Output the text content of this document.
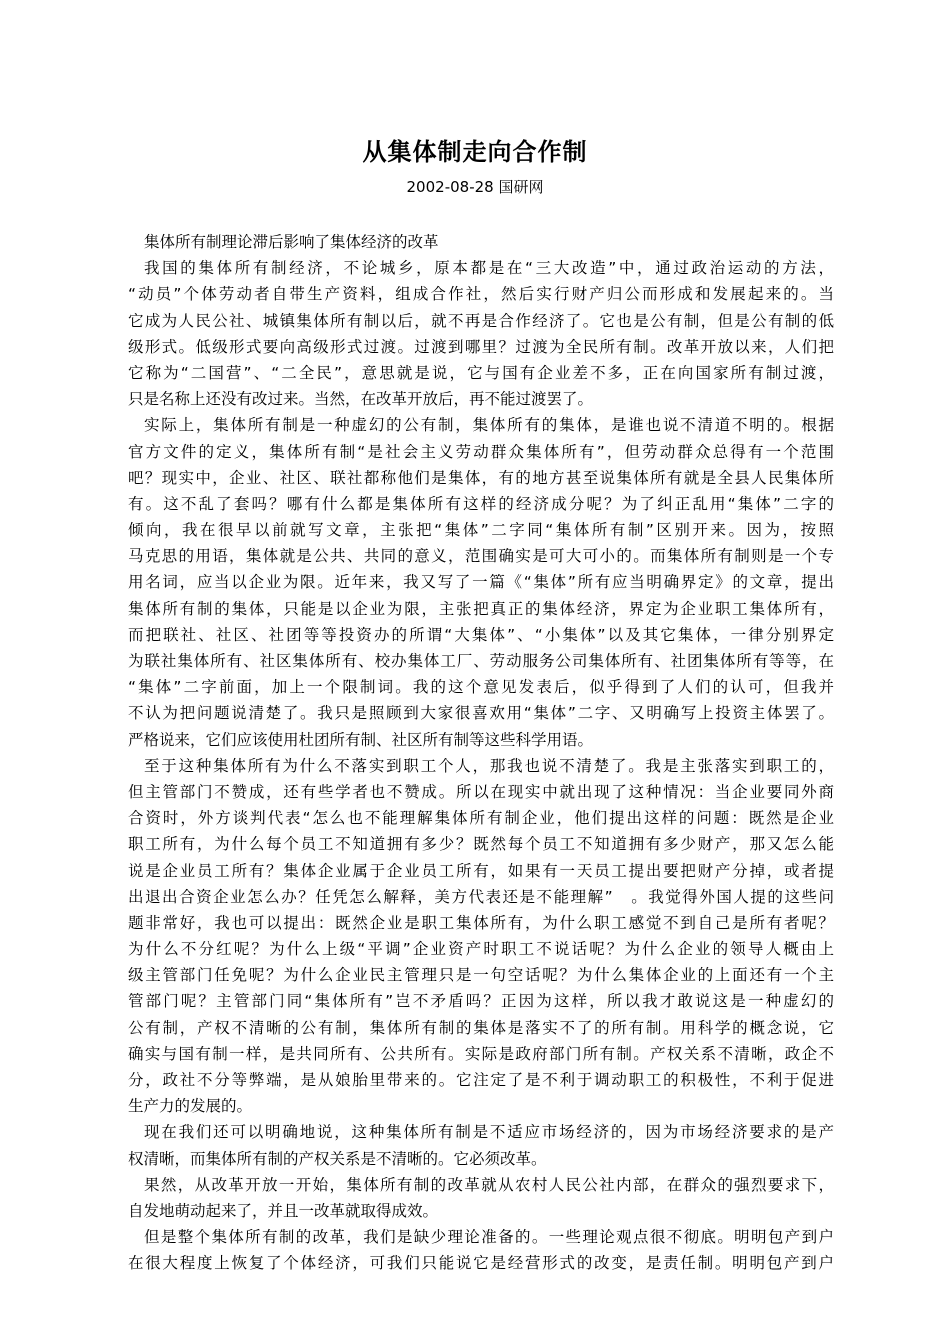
从集体制走向合作制
2002-08-28 国研网

集体所有制理论滞后影响了集体经济的改革

我国的集体所有制经济，不论城乡，原本都是在“三大改造”中，通过政治运动的方法，
“动员”个体劳动者自带生产资料，组成合作社，然后实行财产归公而形成和发展起来的。当
它成为人民公社、城镇集体所有制以后，就不再是合作经济了。它也是公有制，但是公有制的低
级形式。低级形式要向高级形式过渡。过渡到哪里？过渡为全民所有制。改革开放以来，人们把
它称为“二国营”、“二全民”，意思就是说，它与国有企业差不多，正在向国家所有制过渡，
只是名称上还没有改过来。当然，在改革开放后，再不能过渡罢了。

实际上，集体所有制是一种虚幻的公有制，集体所有的集体，是谁也说不清道不明的。根据
官方文件的定义，集体所有制“是社会主义劳动群众集体所有”，但劳动群众总得有一个范围
吧？现实中，企业、社区、联社都称他们是集体，有的地方甚至说集体所有就是全县人民集体所
有。这不乱了套吗？哪有什么都是集体所有这样的经济成分呢？为了纠正乱用“集体”二字的
倾向，我在很早以前就写文章，主张把“集体”二字同“集体所有制”区别开来。因为，按照
马克思的用语，集体就是公共、共同的意义，范围确实是可大可小的。而集体所有制则是一个专
用名词，应当以企业为限。近年来，我又写了一篇《“集体”所有应当明确界定》的文章，提出
集体所有制的集体，只能是以企业为限，主张把真正的集体经济，界定为企业职工集体所有，
而把联社、社区、社团等等投资办的所谓“大集体”、“小集体”以及其它集体，一律分别界定
为联社集体所有、社区集体所有、校办集体工厂、劳动服务公司集体所有、社团集体所有等等，在
“集体”二字前面，加上一个限制词。我的这个意见发表后，似乎得到了人们的认可，但我并
不认为把问题说清楚了。我只是照顾到大家很喜欢用“集体”二字、又明确写上投资主体罢了。
严格说来，它们应该使用杜团所有制、社区所有制等这些科学用语。

至于这种集体所有为什么不落实到职工个人，那我也说不清楚了。我是主张落实到职工的，
但主管部门不赞成，还有些学者也不赞成。所以在现实中就出现了这种情况：当企业要同外商
合资时，外方谈判代表“怎么也不能理解集体所有制企业，他们提出这样的问题：既然是企业
职工所有，为什么每个员工不知道拥有多少？既然每个员工不知道拥有多少财产，那又怎么能
说是企业员工所有？集体企业属于企业员工所有，如果有一天员工提出要把财产分掉，或者提
出退出合资企业怎么办？任凭怎么解释，美方代表还是不能理解”　。我觉得外国人提的这些问
题非常好，我也可以提出：既然企业是职工集体所有，为什么职工感觉不到自己是所有者呢？
为什么不分红呢？为什么上级“平调”企业资产时职工不说话呢？为什么企业的领导人概由上
级主管部门任免呢？为什么企业民主管理只是一句空话呢？为什么集体企业的上面还有一个主
管部门呢？主管部门同“集体所有”岂不矛盾吗？正因为这样，所以我才敢说这是一种虚幻的
公有制，产权不清晰的公有制，集体所有制的集体是落实不了的所有制。用科学的概念说，它
确实与国有制一样，是共同所有、公共所有。实际是政府部门所有制。产权关系不清晰，政企不
分，政社不分等弊端，是从娘胎里带来的。它注定了是不利于调动职工的积极性，不利于促进
生产力的发展的。

现在我们还可以明确地说，这种集体所有制是不适应市场经济的，因为市场经济要求的是产
权清晰，而集体所有制的产权关系是不清晰的。它必须改革。

果然，从改革开放一开始，集体所有制的改革就从农村人民公社内部，在群众的强烈要求下，
自发地萌动起来了，并且一改革就取得成效。

但是整个集体所有制的改革，我们是缺少理论准备的。一些理论观点很不彻底。明明包产到户
在很大程度上恢复了个体经济，可我们只能说它是经营形式的改变，是责任制。明明包产到户
